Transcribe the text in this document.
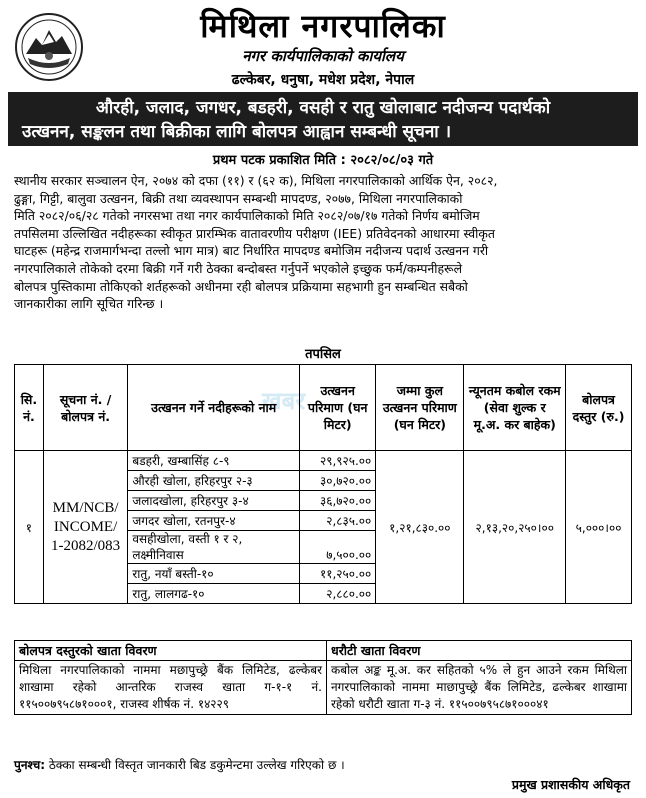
मिथिला नगरपालिका
नगर कार्यपालिकाको कार्यालय
ढल्केबर, धनुषा, मधेश प्रदेश, नेपाल
औरही, जलाद, जगधर, बडहरी, वसही र रातु खोलाबाट नदीजन्य पदार्थको
उत्खनन, सङ्कलन तथा बिक्रीका लागि बोलपत्र आह्वान सम्बन्धी सूचना ।
प्रथम पटक प्रकाशित मिति : २०८२/०८/०३ गते
स्थानीय सरकार सञ्चालन ऐन, २०७४ को दफा (११) र (६२ क), मिथिला नगरपालिकाको आर्थिक ऐन, २०८२,
ढुङ्गा, गिट्टी, बालुवा उत्खनन, बिक्री तथा व्यवस्थापन सम्बन्धी मापदण्ड, २०७७, मिथिला नगरपालिकाको
मिति २०८२/०६/२८ गतेको नगरसभा तथा नगर कार्यपालिकाको मिति २०८२/०७/१७ गतेको निर्णय बमोजिम
तपसिलमा उल्लिखित नदीहरूका स्वीकृत प्रारम्भिक वातावरणीय परीक्षण (IEE) प्रतिवेदनको आधारमा स्वीकृत
घाटहरू (महेन्द्र राजमार्गभन्दा तल्लो भाग मात्र) बाट निर्धारित मापदण्ड बमोजिम नदीजन्य पदार्थ उत्खनन गरी
नगरपालिकाले तोकेको दरमा बिक्री गर्ने गरी ठेक्का बन्दोबस्त गर्नुपर्ने भएकोले इच्छुक फर्म/कम्पनीहरूले
बोलपत्र पुस्तिकामा तोकिएको शर्तहरूको अधीनमा रही बोलपत्र प्रक्रियामा सहभागी हुन सम्बन्धित सबैको
जानकारीका लागि सूचित गरिन्छ ।
तपसिल
खबर
सि. नं.	सूचना नं. / बोलपत्र नं.	उत्खनन गर्ने नदीहरूको नाम	उत्खनन परिमाण (घन मिटर)	जम्मा कुल उत्खनन परिमाण (घन मिटर)	न्यूनतम कबोल रकम (सेवा शुल्क र मू.अ. कर बाहेक)	बोलपत्र दस्तुर (रु.)
१	MM/NCB/ INCOME/ 1-2082/083	बडहरी, खम्बासिंह ८-९	२९,९२५.००	१,२१,८३०.००	२,१३,२०,२५०।००	५,०००।००
		औरही खोला, हरिहरपुर २-३	३०,७२०.००			
		जलादखोला, हरिहरपुर ३-४	३६,७२०.००			
		जगदर खोला, रतनपुर-४	२,८३५.००			
		वसहीखोला, वस्ती १ र २, लक्ष्मीनिवास	७,५००.००			
		रातु, नयाँ बस्ती-१०	११,२५०.००			
		रातु, लालगढ-१०	२,८८०.००			
बोलपत्र दस्तुरको खाता विवरण	धरौटी खाता विवरण
मिथिला नगरपालिकाको नाममा मछापुच्छ्रे बैंक लिमिटेड, ढल्केबर शाखामा रहेको आन्तरिक राजस्व खाता ग-१-१ नं. ११५००७९५८७१०००१, राजस्व शीर्षक नं. १४२२९	कबोल अङ्क मू.अ. कर सहितको ५% ले हुन आउने रकम मिथिला नगरपालिकाको नाममा माछापुच्छ्रे बैंक लिमिटेड, ढल्केबर शाखामा रहेको धरौटी खाता ग-३ नं. ११५००७९५८७१०००४१
पुनश्च: ठेक्का सम्बन्धी विस्तृत जानकारी बिड डकुमेन्टमा उल्लेख गरिएको छ ।
प्रमुख प्रशासकीय अधिकृत
